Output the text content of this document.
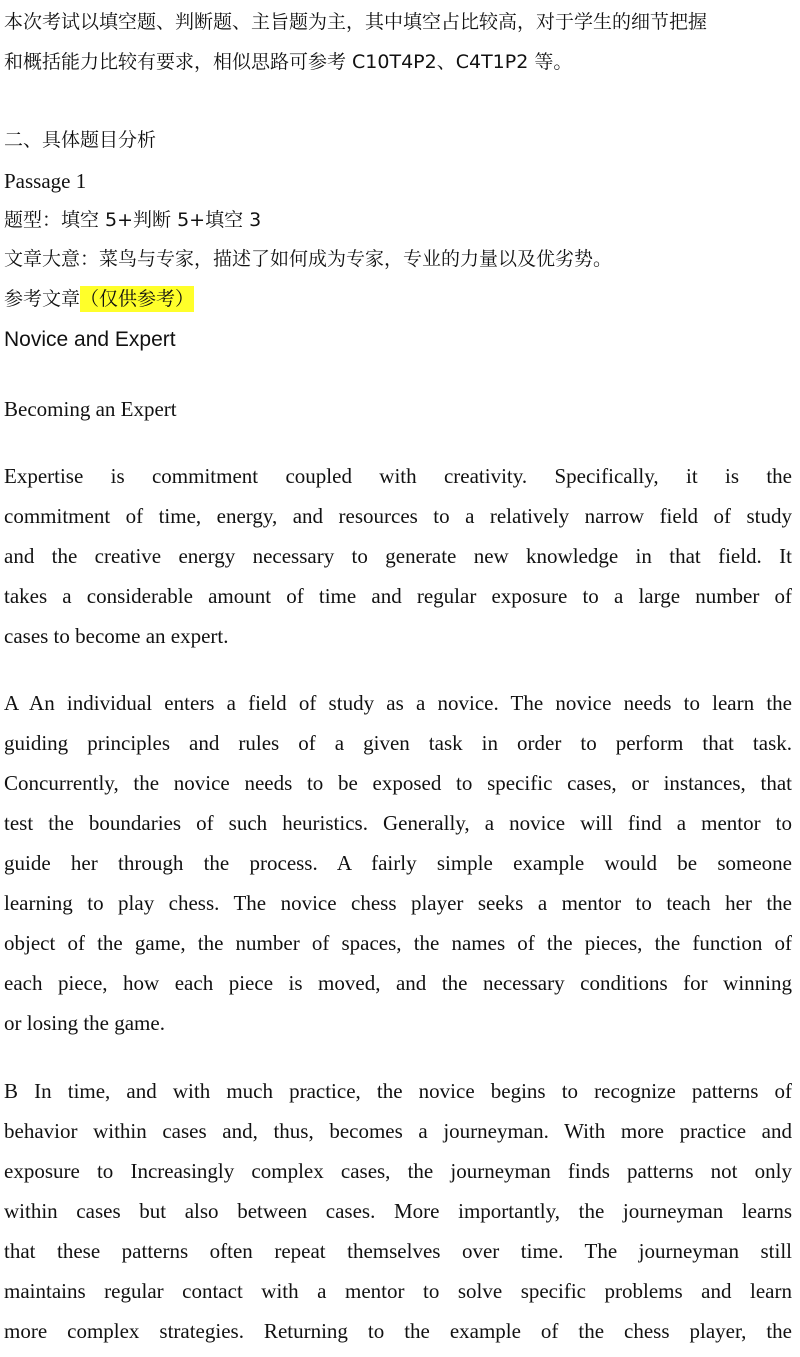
本次考试以填空题、判断题、主旨题为主，其中填空占比较高，对于学生的细节把握
和概括能力比较有要求，相似思路可参考 C10T4P2、C4T1P2 等。
二、具体题目分析
Passage 1
题型：填空 5+判断 5+填空 3
文章大意：菜鸟与专家，描述了如何成为专家，专业的力量以及优劣势。
参考文章（仅供参考）
Novice and Expert
Becoming an Expert
Expertise is commitment coupled with creativity. Specifically, it is the
commitment of time, energy, and resources to a relatively narrow field of study
and the creative energy necessary to generate new knowledge in that field. It
takes a considerable amount of time and regular exposure to a large number of
cases to become an expert.
A An individual enters a field of study as a novice. The novice needs to learn the
guiding principles and rules of a given task in order to perform that task.
Concurrently, the novice needs to be exposed to specific cases, or instances, that
test the boundaries of such heuristics. Generally, a novice will find a mentor to
guide her through the process. A fairly simple example would be someone
learning to play chess. The novice chess player seeks a mentor to teach her the
object of the game, the number of spaces, the names of the pieces, the function of
each piece, how each piece is moved, and the necessary conditions for winning
or losing the game.
B In time, and with much practice, the novice begins to recognize patterns of
behavior within cases and, thus, becomes a journeyman. With more practice and
exposure to Increasingly complex cases, the journeyman finds patterns not only
within cases but also between cases. More importantly, the journeyman learns
that these patterns often repeat themselves over time. The journeyman still
maintains regular contact with a mentor to solve specific problems and learn
more complex strategies. Returning to the example of the chess player, the
